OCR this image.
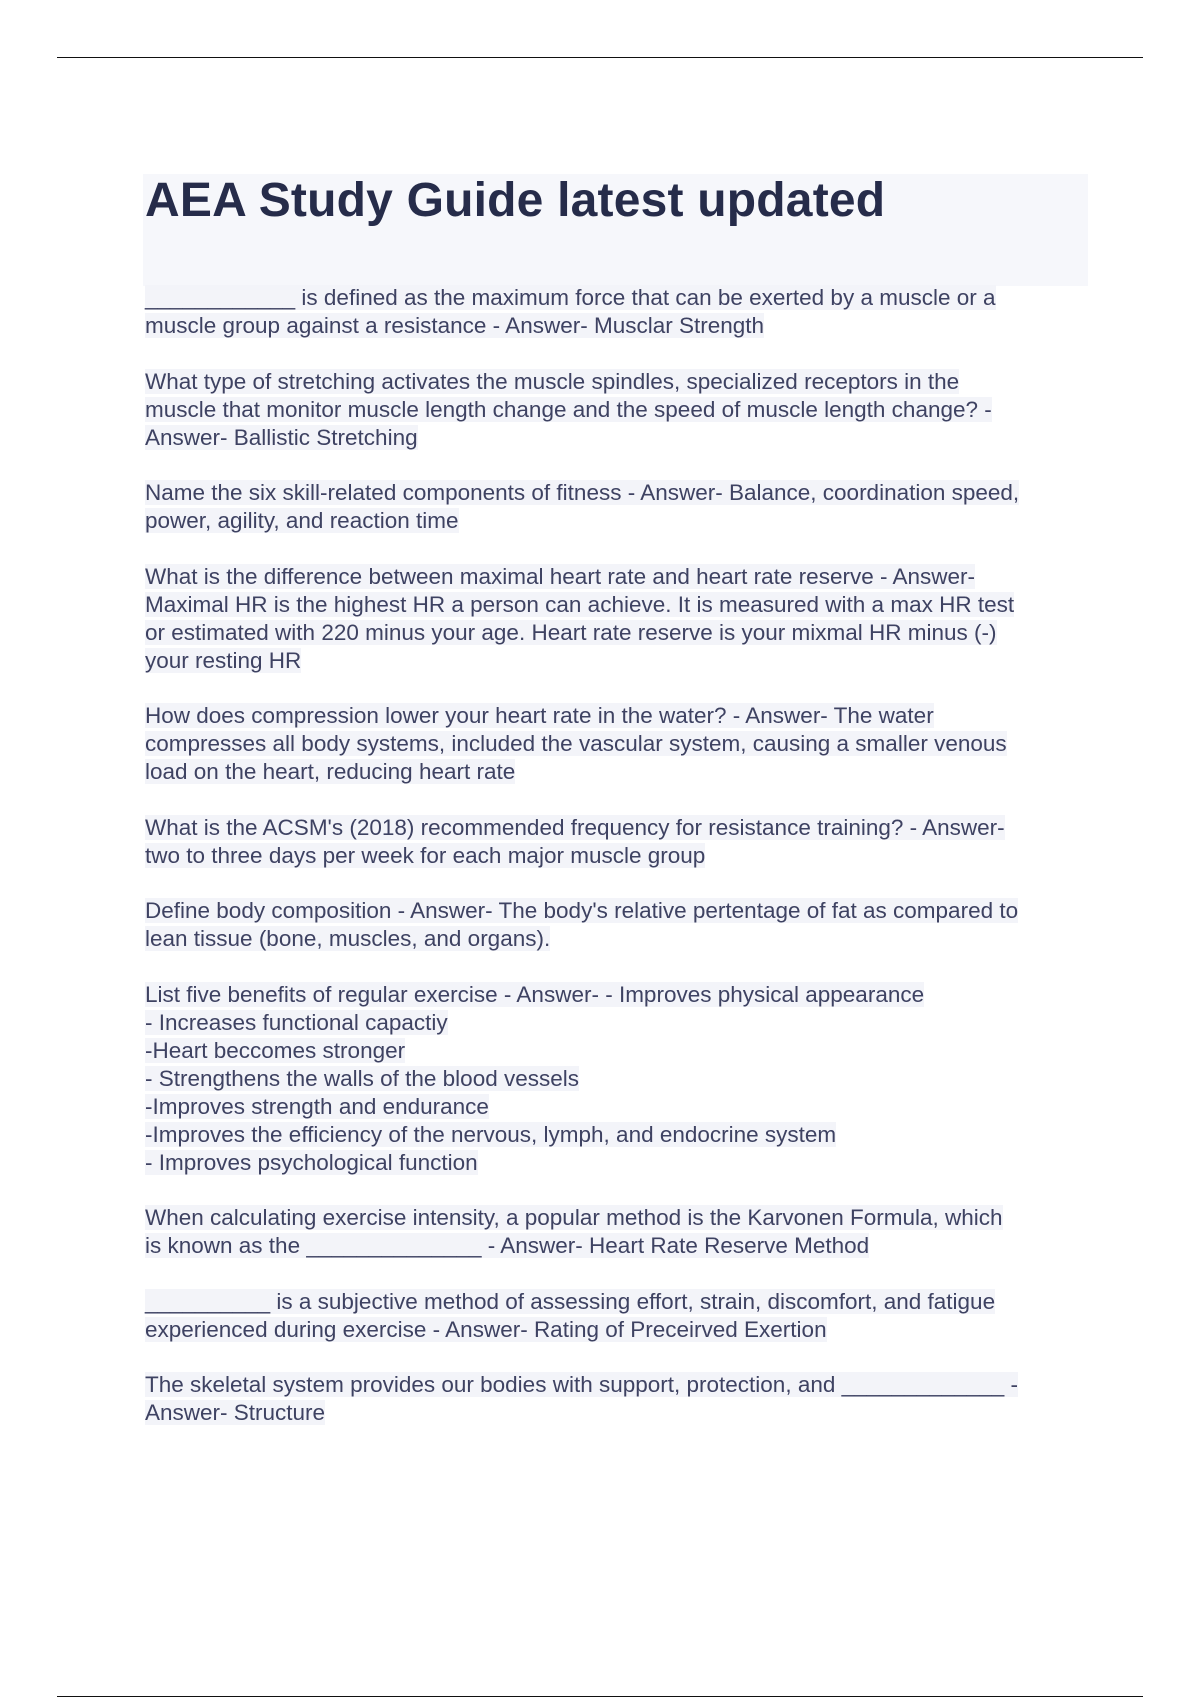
AEA Study Guide latest updated

____________ is defined as the maximum force that can be exerted by a muscle or a
muscle group against a resistance - Answer- Musclar Strength

What type of stretching activates the muscle spindles, specialized receptors in the
muscle that monitor muscle length change and the speed of muscle length change? -
Answer- Ballistic Stretching

Name the six skill-related components of fitness - Answer- Balance, coordination speed,
power, agility, and reaction time

What is the difference between maximal heart rate and heart rate reserve - Answer-
Maximal HR is the highest HR a person can achieve. It is measured with a max HR test
or estimated with 220 minus your age. Heart rate reserve is your mixmal HR minus (-)
your resting HR

How does compression lower your heart rate in the water? - Answer- The water
compresses all body systems, included the vascular system, causing a smaller venous
load on the heart, reducing heart rate

What is the ACSM's (2018) recommended frequency for resistance training? - Answer-
two to three days per week for each major muscle group

Define body composition - Answer- The body's relative pertentage of fat as compared to
lean tissue (bone, muscles, and organs).

List five benefits of regular exercise - Answer- - Improves physical appearance
- Increases functional capactiy
-Heart beccomes stronger
- Strengthens the walls of the blood vessels
-Improves strength and endurance
-Improves the efficiency of the nervous, lymph, and endocrine system
- Improves psychological function

When calculating exercise intensity, a popular method is the Karvonen Formula, which
is known as the ______________ - Answer- Heart Rate Reserve Method

__________ is a subjective method of assessing effort, strain, discomfort, and fatigue
experienced during exercise - Answer- Rating of Preceirved Exertion

The skeletal system provides our bodies with support, protection, and _____________ -
Answer- Structure
